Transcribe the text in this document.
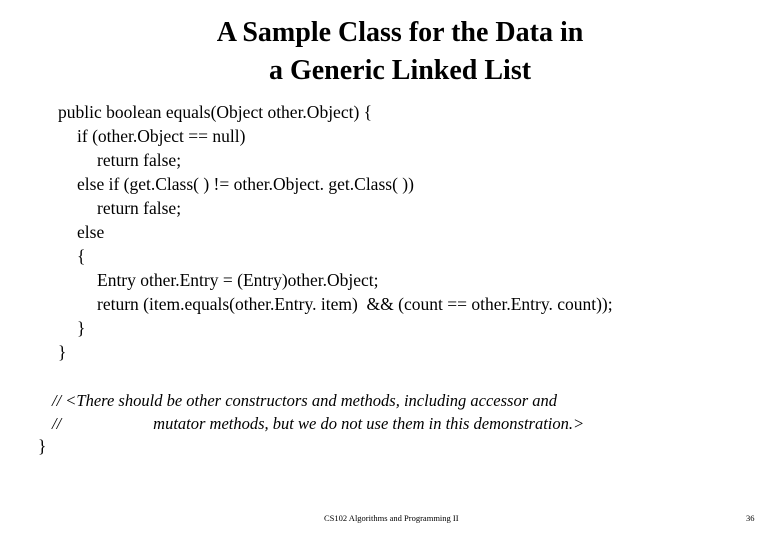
A Sample Class for the Data in
a Generic Linked List
public boolean equals(Object other.Object) {
if (other.Object == null)
return false;
else if (get.Class( ) != other.Object. get.Class( ))
return false;
else
{
Entry other.Entry = (Entry)other.Object;
return (item.equals(other.Entry. item)  && (count == other.Entry. count));
}
}
// <There should be other constructors and methods, including accessor and
//	mutator methods, but we do not use them in this demonstration.>
}
CS102 Algorithms and Programming II	36
